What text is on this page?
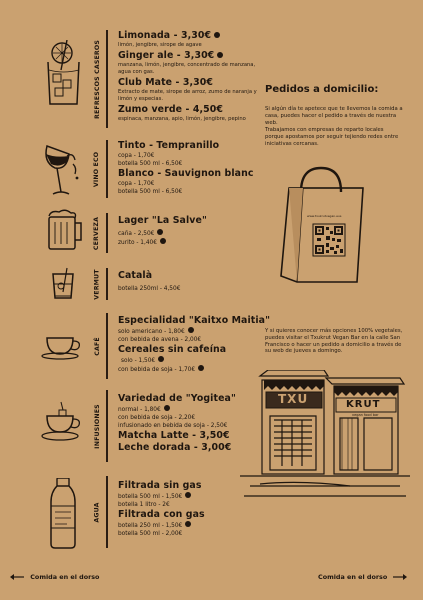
REFRESCOS CASEROS
Limonada - 3,30€
limón, jengibre, sirope de agave
Ginger ale - 3,30€
manzana, limón, jengibre, concentrado de manzana, agua con gas.
Club Mate - 3,30€
Extracto de mate, sirope de arroz, zumo de naranja y limón y especias.
Zumo verde - 4,50€
espinaca, manzana, apio, limón, jengibre, pepino
VINO ECO
Tinto - Tempranillo
copa - 1,70€
botella 500 ml - 6,50€
Blanco - Sauvignon blanc
copa - 1,70€
botella 500 ml - 6,50€
CERVEZA Lager "La Salve"
caña - 2,50€
zurito - 1,40€
VERMUT Català
botella 250ml - 4,50€
CAFÉ
Especialidad "Kaitxo Maitia"
solo americano - 1,80€
con bebida de avena - 2,00€
Cereales sin cafeína
solo - 1,50€
con bebida de soja - 1,70€
INFUSIONES
Variedad de "Yogitea"
normal - 1,80€
con bebida de soja - 2,20€
infusionado en bebida de soja - 2,50€
Matcha Latte - 3,50€
Leche dorada - 3,00€
AGUA
Filtrada sin gas
botella 500 ml - 1,50€
botella 1 litro - 2€
Filtrada con gas
botella 250 ml - 1,50€
botella 500 ml - 2,00€
Pedidos a domicilio:
Si algún día te apetece que te llevemos la comida a casa, puedes hacer el pedido a través de nuestra web.
Trabajamos con empresas de reparto locales porque apostamos por seguir tejiendo redes entre iniciativas cercanas.
www.txukrutvegan.eus
Y si quieres conocer más opciones 100% vegetales, puedes visitar el Txukrut Vegan Bar en la calle San Francisco o hacer un pedido a domicilio a través de su web de jueves a domingo.
TXU	KRUT
vegan food bar
Comida en el dorso	Comida en el dorso
